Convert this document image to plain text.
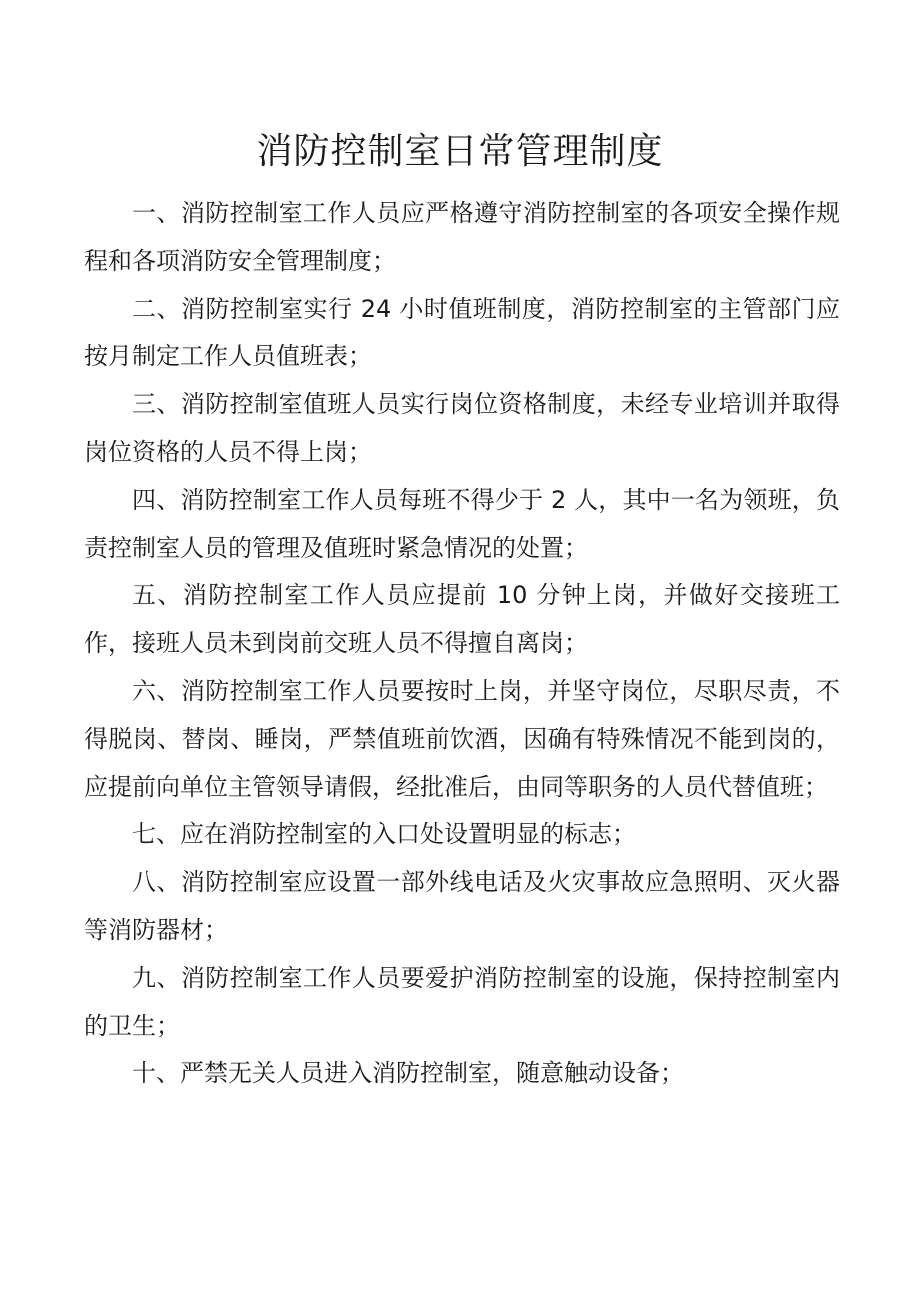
消防控制室日常管理制度

一、消防控制室工作人员应严格遵守消防控制室的各项安全操作规程和各项消防安全管理制度；

二、消防控制室实行 24 小时值班制度，消防控制室的主管部门应按月制定工作人员值班表；

三、消防控制室值班人员实行岗位资格制度，未经专业培训并取得岗位资格的人员不得上岗；

四、消防控制室工作人员每班不得少于 2 人，其中一名为领班，负责控制室人员的管理及值班时紧急情况的处置；

五、消防控制室工作人员应提前 10 分钟上岗，并做好交接班工作，接班人员未到岗前交班人员不得擅自离岗；

六、消防控制室工作人员要按时上岗，并坚守岗位，尽职尽责，不得脱岗、替岗、睡岗，严禁值班前饮酒，因确有特殊情况不能到岗的，应提前向单位主管领导请假，经批准后，由同等职务的人员代替值班；

七、应在消防控制室的入口处设置明显的标志；

八、消防控制室应设置一部外线电话及火灾事故应急照明、灭火器等消防器材；

九、消防控制室工作人员要爱护消防控制室的设施，保持控制室内的卫生；

十、严禁无关人员进入消防控制室，随意触动设备；
